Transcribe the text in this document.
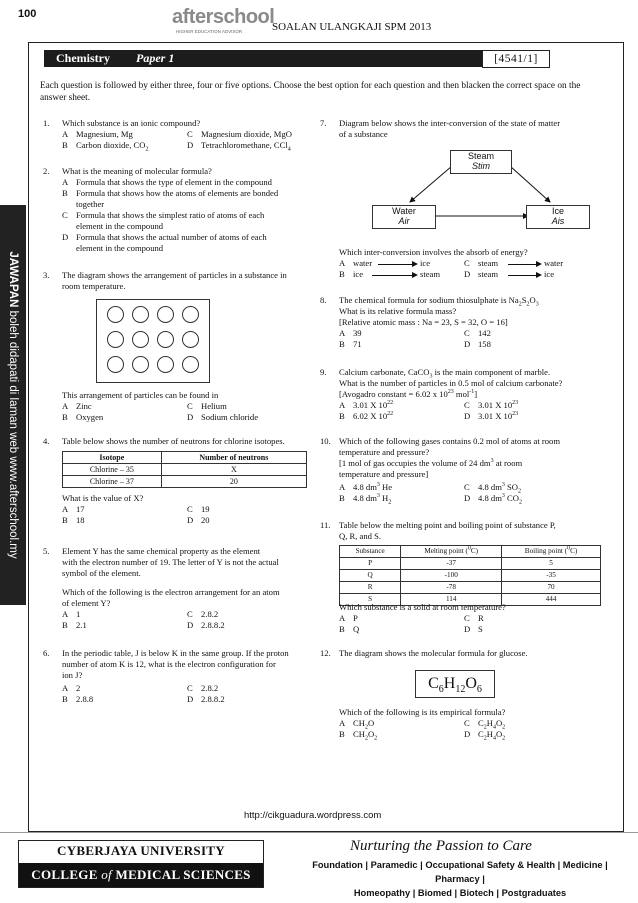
100	afterschool
HIGHER EDUCATION ADVISOR	SOALAN ULANGKAJI SPM 2013
JAWAPAN boleh didapati di laman web www.afterschool.my
Chemistry Paper 1	[4541/1]
Each question is followed by either three, four or five options. Choose the best option for each question and then blacken the correct space on the answer sheet.
1. Which substance is an ionic compound?
A Magnesium, Mg	C Magnesium dioxide, MgO
B Carbon dioxide, $CO_2$	D Tetrachloromethane, CCl$_4$
2. What is the meaning of molecular formula?
A Formula that shows the type of element in the compound
B Formula that shows how the atoms of elements are bonded
together
C Formula that shows the simplest ratio of atoms of each
element in the compound
D Formula that shows the actual number of atoms of each
element in the compound
3. The diagram shows the arrangement of particles in a substance in
room temperature.
This arrangement of particles can be found in
A Zinc	C Helium
B Oxygen	D Sodium chloride
4. Table below shows the number of neutrons for chlorine isotopes.
Isotope	Number of neutrons
Chlorine – 35	X
Chlorine – 37	20
What is the value of X?
A 17	C 19
B 18	D 20
5. Element Y has the same chemical property as the element
with the electron number of 19. The letter of Y is not the actual
symbol of the element.
Which of the following is the electron arrangement for an atom
of element Y?
A 1	C 2.8.2
B 2.1	D 2.8.8.2
6. In the periodic table, J is below K in the same group. If the proton
number of atom K is 12, what is the electron configuration for
ion J?
A 2	C 2.8.2
B 2.8.8	D 2.8.8.2
7. Diagram below shows the inter-conversion of the state of matter
of a substance
Steam
Stim
Water
Air
Ice
Ais
Which inter-conversion involves the absorb of energy?
A water	ice	C steam	water
B ice	steam	D steam	ice
8. The chemical formula for sodium thiosulphate is $Na_2S_2O_3$
What is its relative formula mass?
[Relative atomic mass : Na = 23, S = 32, O = 16]
A 39	C 142
B 71	D 158
9. Calcium carbonate, CaCO$_3$ is the main component of marble.
What is the number of particles in 0.5 mol of calcium carbonate?
[Avogadro constant = 6.02 x $10^{23}$ mol$^{-1}$]
A 3.01 X $10^{22}$	C 3.01 X $10^{23}$
B 6.02 X $10^{22}$	D 3.01 X $10^{23}$
10. Which of the following gases contains 0.2 mol of atoms at room
temperature and pressure?
[1 mol of gas occupies the volume of 24 $dm^3$ at room
temperature and pressure]
A 4.8 $dm^3$ He	C 4.8 $dm^3$ $SO_2$
B 4.8 $dm^3$ $H_2$	D 4.8 $dm^3$ $CO_2$
11. Table below the melting point and boiling point of substance P,
Q, R, and S.
Substance	Melting point ($^0$C)	Boiling point ($^0$C)
P	-37	5
Q	-100	-35
R	-78	70
S	114	444
Which substance is a solid at room temperature?
A P	C R
B Q	D S
12. The diagram shows the molecular formula for glucose.
$C_6H_{12}O_6$
Which of the following is its empirical formula?
A $CH_2O$	C $C_2H_4O_2$
B $CH_2O_2$	D $C_2H_4O_2$
http://cikguadura.wordpress.com
CYBERJAYA UNIVERSITY
COLLEGE of MEDICAL SCIENCES
Nurturing the Passion to Care
Foundation | Paramedic | Occupational Safety & Health | Medicine | Pharmacy |
Homeopathy | Biomed | Biotech | Postgraduates
